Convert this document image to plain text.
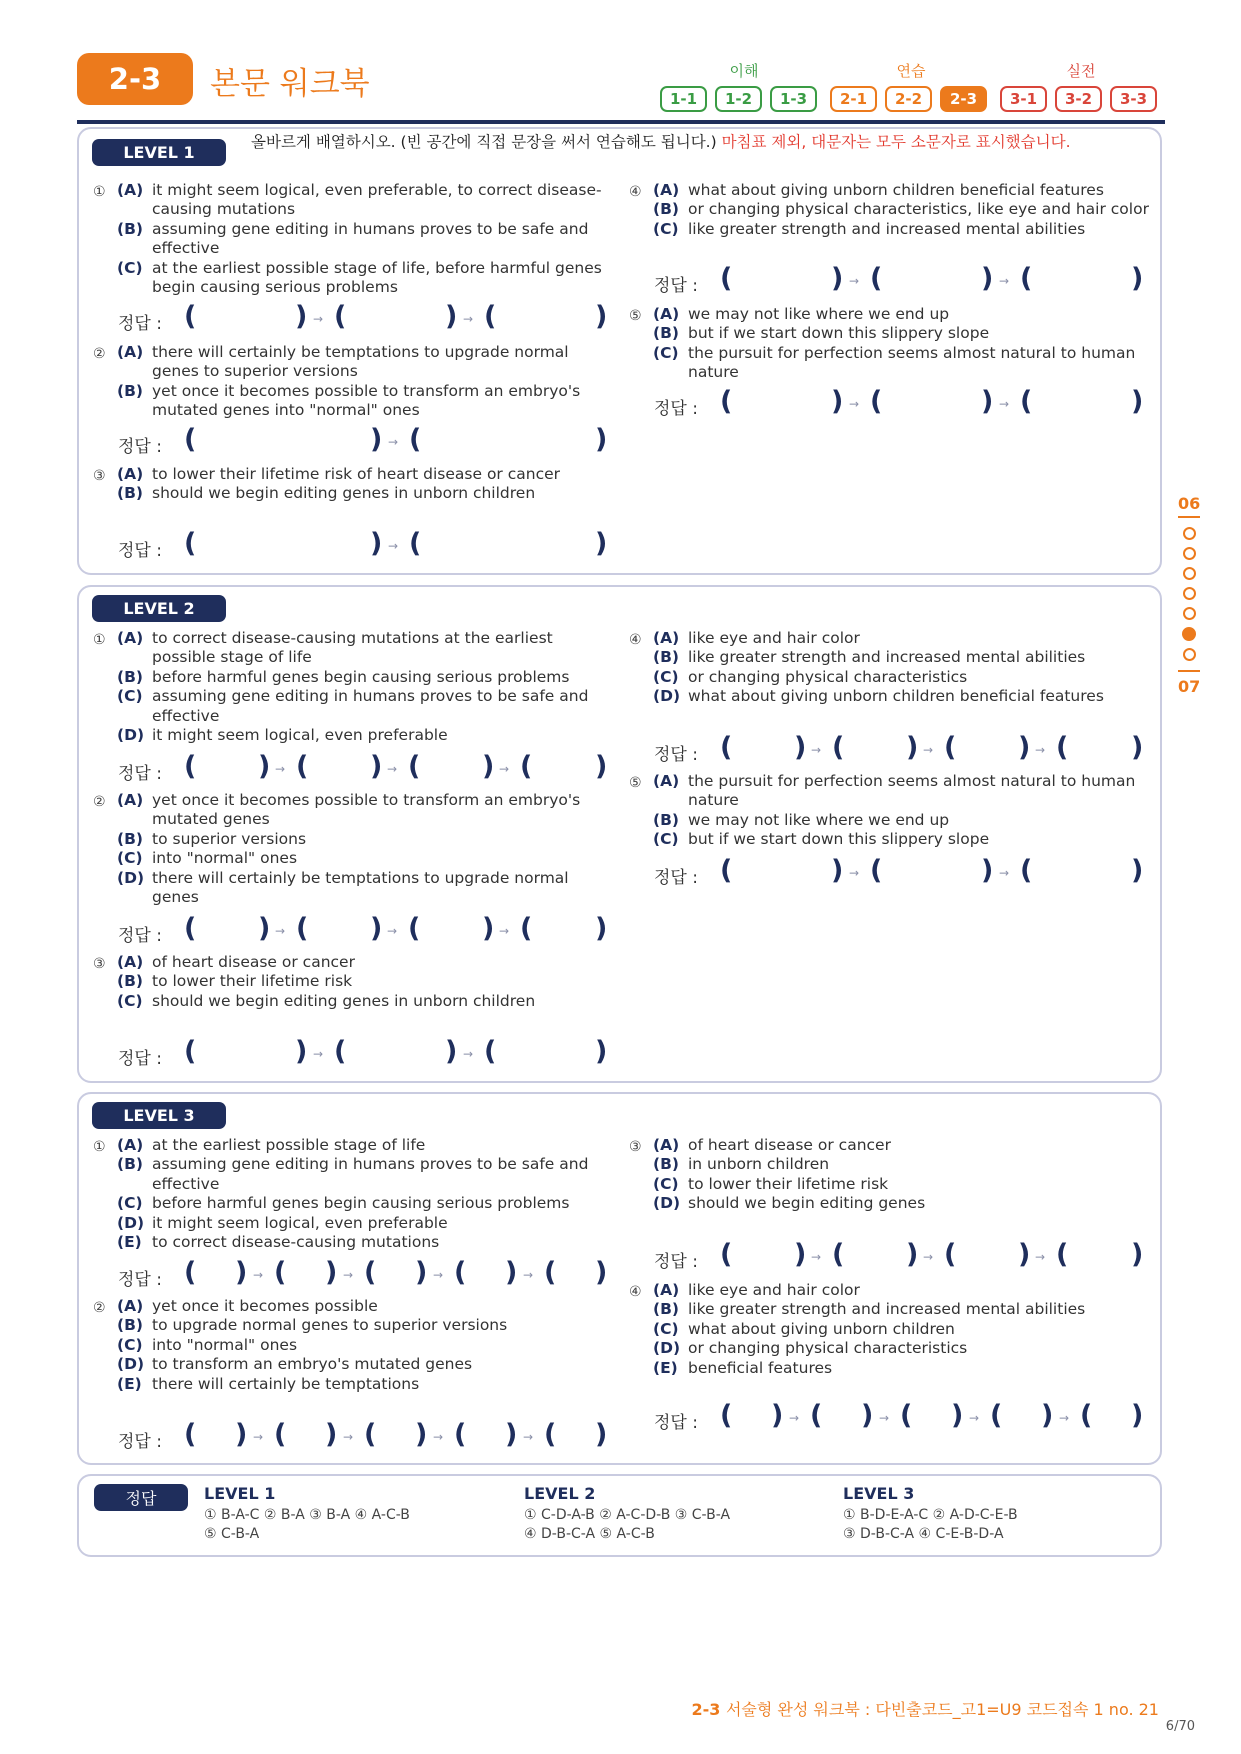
2-3	본문 워크북	이해	연습	실전
1-1	1-2	1-3	2-1	2-2	2-3	3-1	3-2	3-3
LEVEL 1
올바르게 배열하시오. (빈 공간에 직접 문장을 써서 연습해도 됩니다.) 마침표 제외, 대문자는 모두 소문자로 표시했습니다.
① (A) it might seem logical, even preferable, to correct disease-causing mutations
(B) assuming gene editing in humans proves to be safe and effective
(C) at the earliest possible stage of life, before harmful genes begin causing serious problems
정답 : (	) → (	) → (	)
② (A) there will certainly be temptations to upgrade normal genes to superior versions
(B) yet once it becomes possible to transform an embryo's mutated genes into "normal" ones
정답 : (	) → (	)
③ (A) to lower their lifetime risk of heart disease or cancer
(B) should we begin editing genes in unborn children
정답 : (	) → (	)
④ (A) what about giving unborn children beneficial features
(B) or changing physical characteristics, like eye and hair color
(C) like greater strength and increased mental abilities
정답 : (	) → (	) → (	)
⑤ (A) we may not like where we end up
(B) but if we start down this slippery slope
(C) the pursuit for perfection seems almost natural to human nature
정답 : (	) → (	) → (	)
LEVEL 2
① (A) to correct disease-causing mutations at the earliest possible stage of life
(B) before harmful genes begin causing serious problems
(C) assuming gene editing in humans proves to be safe and effective
(D) it might seem logical, even preferable
정답 : ( ) → ( ) → ( ) → ( )
② (A) yet once it becomes possible to transform an embryo's mutated genes
(B) to superior versions
(C) into "normal" ones
(D) there will certainly be temptations to upgrade normal genes
정답 : ( ) → ( ) → ( ) → ( )
③ (A) of heart disease or cancer
(B) to lower their lifetime risk
(C) should we begin editing genes in unborn children
정답 : (	) → (	) → (	)
④ (A) like eye and hair color
(B) like greater strength and increased mental abilities
(C) or changing physical characteristics
(D) what about giving unborn children beneficial features
정답 : ( ) → ( ) → ( ) → ( )
⑤ (A) the pursuit for perfection seems almost natural to human nature
(B) we may not like where we end up
(C) but if we start down this slippery slope
정답 : (	) → (	) → (	)
LEVEL 3
① (A) at the earliest possible stage of life
(B) assuming gene editing in humans proves to be safe and effective
(C) before harmful genes begin causing serious problems
(D) it might seem logical, even preferable
(E) to correct disease-causing mutations
정답 : ( ) → ( ) → ( ) → ( ) → ( )
② (A) yet once it becomes possible
(B) to upgrade normal genes to superior versions
(C) into "normal" ones
(D) to transform an embryo's mutated genes
(E) there will certainly be temptations
정답 : ( ) → ( ) → ( ) → ( ) → ( )
③ (A) of heart disease or cancer
(B) in unborn children
(C) to lower their lifetime risk
(D) should we begin editing genes
정답 : ( ) → ( ) → ( ) → ( )
④ (A) like eye and hair color
(B) like greater strength and increased mental abilities
(C) what about giving unborn children
(D) or changing physical characteristics
(E) beneficial features
정답 : ( ) → ( ) → ( ) → ( ) → ( )
정답	LEVEL 1
① B-A-C ② B-A ③ B-A ④ A-C-B
⑤ C-B-A
LEVEL 2
① C-D-A-B ② A-C-D-B ③ C-B-A
④ D-B-C-A ⑤ A-C-B
LEVEL 3
① B-D-E-A-C ② A-D-C-E-B
③ D-B-C-A ④ C-E-B-D-A
06
07
2-3 서술형 완성 워크북 : 다빈출코드_고1=U9 코드접속 1 no. 21
6/70
